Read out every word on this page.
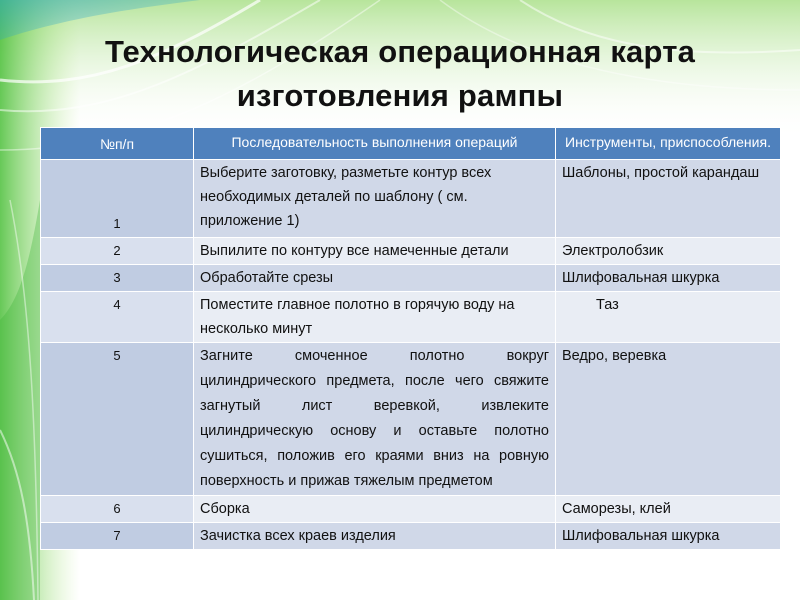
Технологическая операционная карта
изготовления рампы
№п/п	Последовательность выполнения операций	Инструменты, приспособления.
1	Выберите заготовку, разметьте контур всех необходимых деталей по шаблону ( см. приложение 1)	Шаблоны, простой карандаш

2	Выпилите по контуру все намеченные детали	Электролобзик
3	Обработайте срезы	Шлифовальная шкурка
4	Поместите главное полотно в горячую воду на несколько минут	Таз
5	Загните смоченное полотно вокруг цилиндрического предмета, после чего свяжите загнутый лист веревкой, извлеките цилиндрическую основу и оставьте полотно сушиться, положив его краями вниз на ровную поверхность и прижав тяжелым предметом	Ведро, веревка
6	Сборка	Саморезы, клей
7	Зачистка всех краев изделия	Шлифовальная шкурка
